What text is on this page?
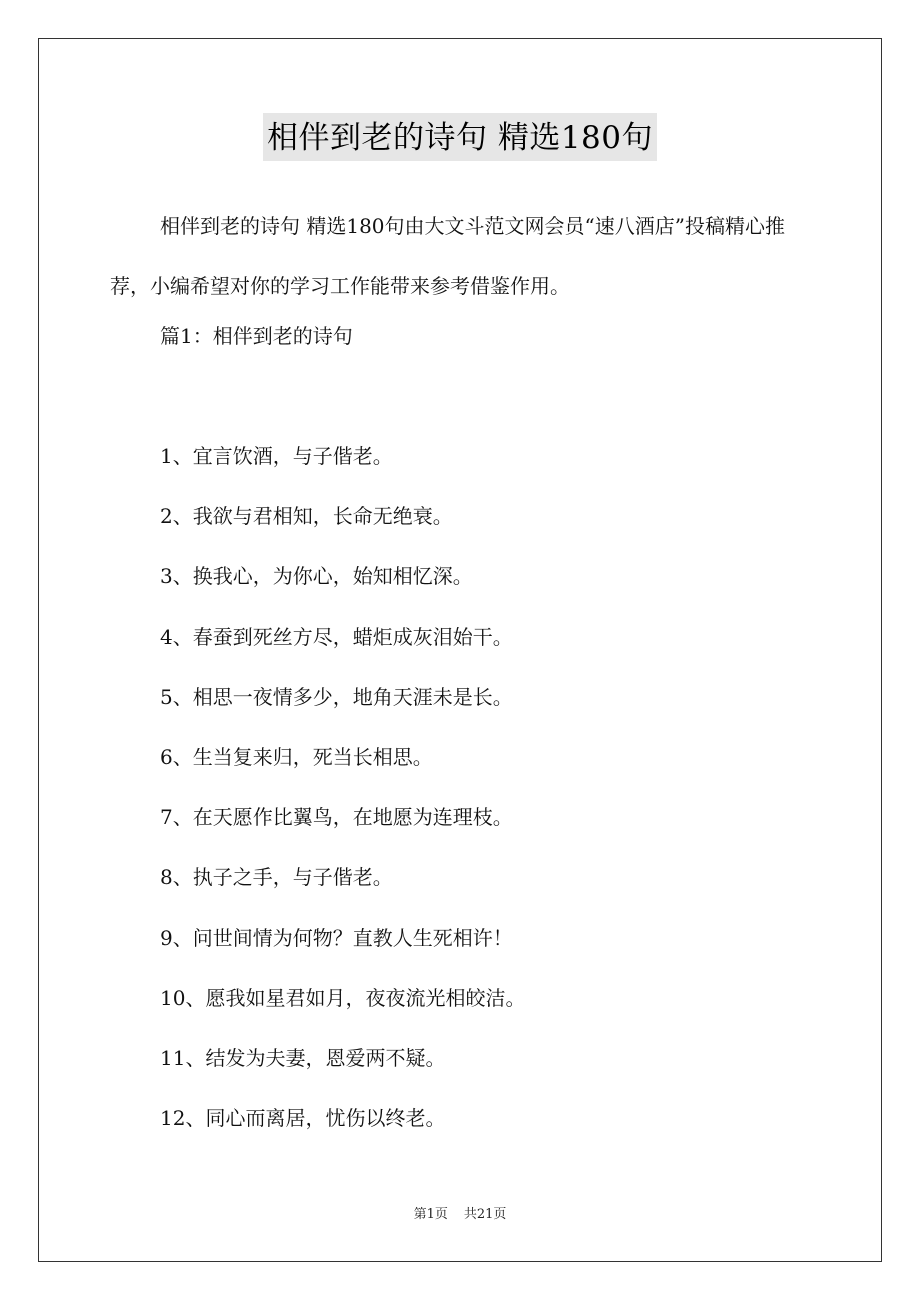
相伴到老的诗句 精选180句

相伴到老的诗句 精选180句由大文斗范文网会员“速八酒店”投稿精心推荐，小编希望对你的学习工作能带来参考借鉴作用。

篇1：相伴到老的诗句
1、宜言饮酒，与子偕老。
2、我欲与君相知，长命无绝衰。
3、换我心，为你心，始知相忆深。
4、春蚕到死丝方尽，蜡炬成灰泪始干。
5、相思一夜情多少，地角天涯未是长。
6、生当复来归，死当长相思。
7、在天愿作比翼鸟，在地愿为连理枝。
8、执子之手，与子偕老。
9、问世间情为何物？直教人生死相许！
10、愿我如星君如月，夜夜流光相皎洁。
11、结发为夫妻，恩爱两不疑。
12、同心而离居，忧伤以终老。
第1页 共21页
